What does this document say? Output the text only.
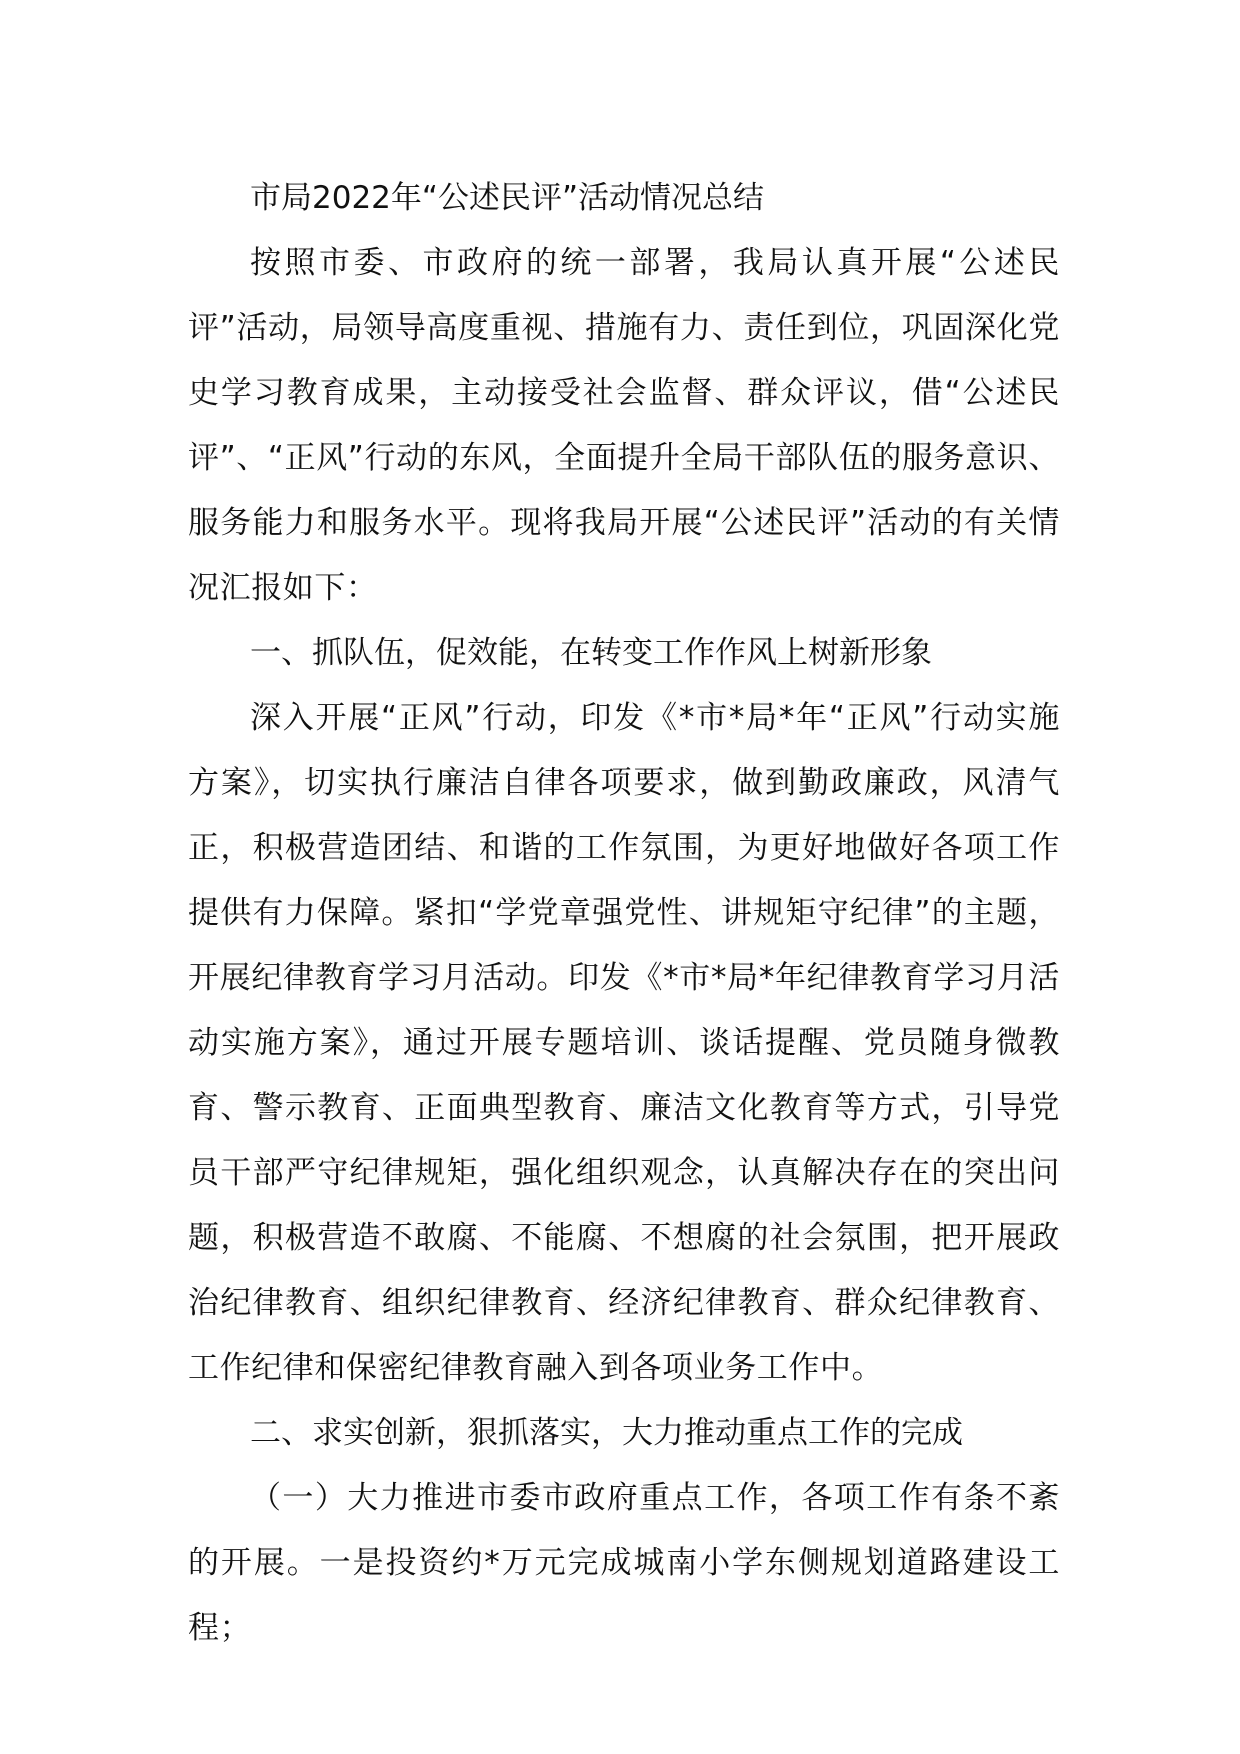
市局2022年“公述民评”活动情况总结

按照市委、市政府的统一部署，我局认真开展“公述民评”活动，局领导高度重视、措施有力、责任到位，巩固深化党史学习教育成果，主动接受社会监督、群众评议，借“公述民评”、“正风”行动的东风，全面提升全局干部队伍的服务意识、服务能力和服务水平。现将我局开展“公述民评”活动的有关情况汇报如下：

一、抓队伍，促效能，在转变工作作风上树新形象

深入开展“正风”行动，印发《*市*局*年“正风”行动实施方案》，切实执行廉洁自律各项要求，做到勤政廉政，风清气正，积极营造团结、和谐的工作氛围，为更好地做好各项工作提供有力保障。紧扣“学党章强党性、讲规矩守纪律”的主题，开展纪律教育学习月活动。印发《*市*局*年纪律教育学习月活动实施方案》，通过开展专题培训、谈话提醒、党员随身微教育、警示教育、正面典型教育、廉洁文化教育等方式，引导党员干部严守纪律规矩，强化组织观念，认真解决存在的突出问题，积极营造不敢腐、不能腐、不想腐的社会氛围，把开展政治纪律教育、组织纪律教育、经济纪律教育、群众纪律教育、工作纪律和保密纪律教育融入到各项业务工作中。

二、求实创新，狠抓落实，大力推动重点工作的完成

（一）大力推进市委市政府重点工作，各项工作有条不紊的开展。一是投资约*万元完成城南小学东侧规划道路建设工程；
